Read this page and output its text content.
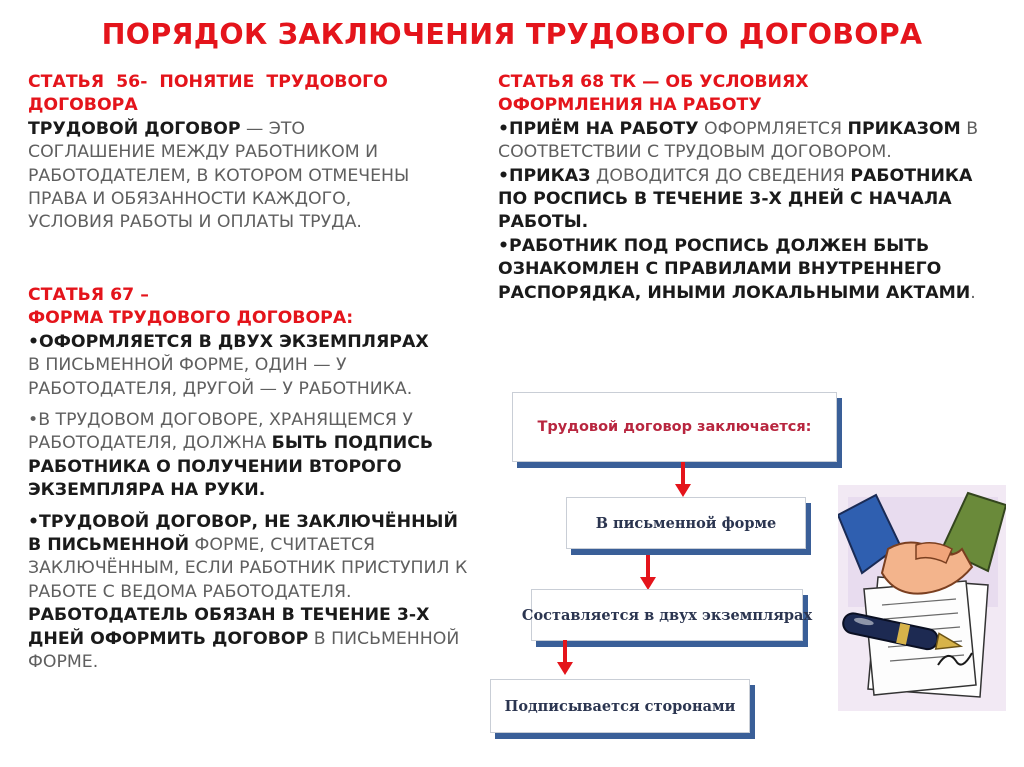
ПОРЯДОК ЗАКЛЮЧЕНИЯ ТРУДОВОГО ДОГОВОРА
СТАТЬЯ  56-  ПОНЯТИЕ  ТРУДОВОГО
ДОГОВОРА
ТРУДОВОЙ ДОГОВОР — ЭТО СОГЛАШЕНИЕ МЕЖДУ РАБОТНИКОМ И РАБОТОДАТЕЛЕМ, В КОТОРОМ ОТМЕЧЕНЫ ПРАВА И ОБЯЗАННОСТИ КАЖДОГО, УСЛОВИЯ РАБОТЫ И ОПЛАТЫ ТРУДА.
СТАТЬЯ 67 –
ФОРМА ТРУДОВОГО ДОГОВОРА:
•ОФОРМЛЯЕТСЯ В ДВУХ ЭКЗЕМПЛЯРАХ
В ПИСЬМЕННОЙ ФОРМЕ, ОДИН — У РАБОТОДАТЕЛЯ, ДРУГОЙ — У РАБОТНИКА.
•В ТРУДОВОМ ДОГОВОРЕ, ХРАНЯЩЕМСЯ У РАБОТОДАТЕЛЯ, ДОЛЖНА БЫТЬ ПОДПИСЬ РАБОТНИКА О ПОЛУЧЕНИИ ВТОРОГО ЭКЗЕМПЛЯРА НА РУКИ.
•ТРУДОВОЙ ДОГОВОР, НЕ ЗАКЛЮЧЁННЫЙ В ПИСЬМЕННОЙ ФОРМЕ, СЧИТАЕТСЯ ЗАКЛЮЧЁННЫМ, ЕСЛИ РАБОТНИК ПРИСТУПИЛ К РАБОТЕ С ВЕДОМА РАБОТОДАТЕЛЯ. РАБОТОДАТЕЛЬ ОБЯЗАН В ТЕЧЕНИЕ 3-Х ДНЕЙ ОФОРМИТЬ ДОГОВОР В ПИСЬМЕННОЙ ФОРМЕ.
СТАТЬЯ 68 ТК — ОБ УСЛОВИЯХ
ОФОРМЛЕНИЯ НА РАБОТУ
•ПРИЁМ НА РАБОТУ ОФОРМЛЯЕТСЯ ПРИКАЗОМ В СООТВЕТСТВИИ С ТРУДОВЫМ ДОГОВОРОМ.
•ПРИКАЗ ДОВОДИТСЯ ДО СВЕДЕНИЯ РАБОТНИКА ПО РОСПИСЬ В ТЕЧЕНИЕ 3-Х ДНЕЙ С НАЧАЛА РАБОТЫ.
•РАБОТНИК ПОД РОСПИСЬ ДОЛЖЕН БЫТЬ ОЗНАКОМЛЕН С ПРАВИЛАМИ ВНУТРЕННЕГО РАСПОРЯДКА, ИНЫМИ ЛОКАЛЬНЫМИ АКТАМИ.
Трудовой договор заключается:
В письменной форме
Составляется в двух экземплярах
Подписывается сторонами
